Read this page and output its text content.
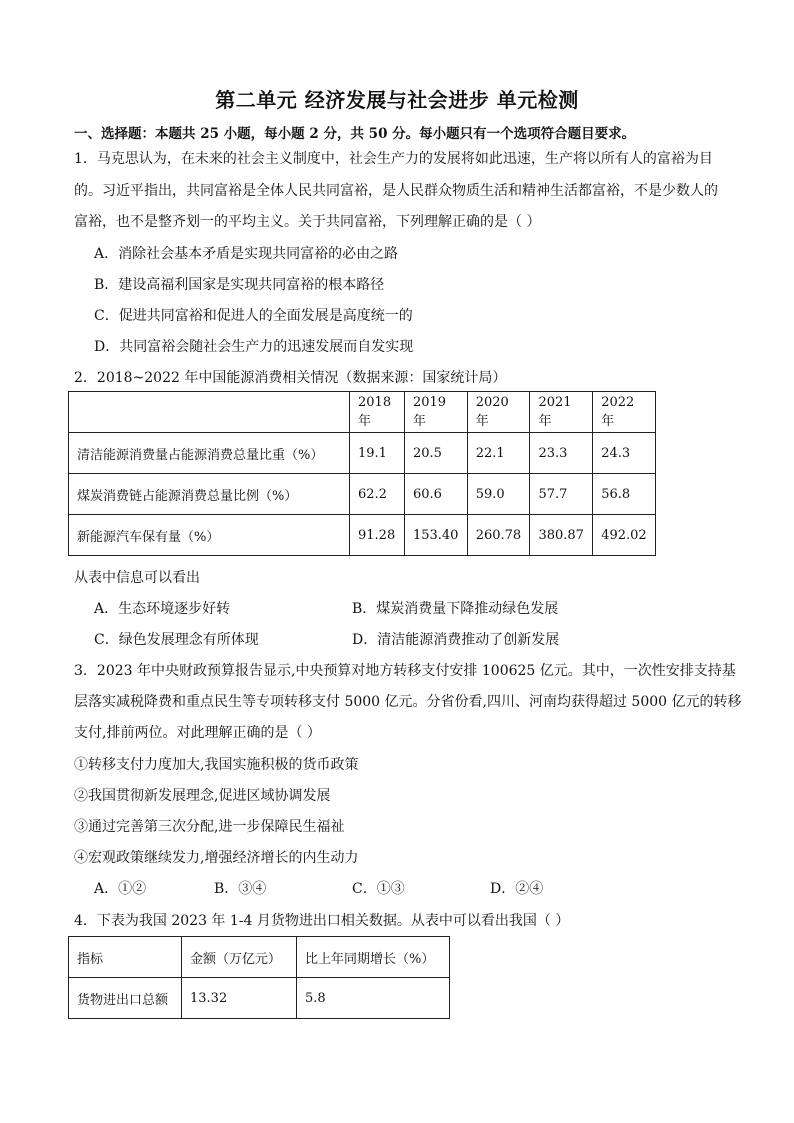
第二单元 经济发展与社会进步 单元检测
一、选择题：本题共 25 小题，每小题 2 分，共 50 分。每小题只有一个选项符合题目要求。
1．马克思认为，在未来的社会主义制度中，社会生产力的发展将如此迅速，生产将以所有人的富裕为目
的。习近平指出，共同富裕是全体人民共同富裕，是人民群众物质生活和精神生活都富裕，不是少数人的
富裕，也不是整齐划一的平均主义。关于共同富裕，下列理解正确的是（ ）
A．消除社会基本矛盾是实现共同富裕的必由之路
B．建设高福利国家是实现共同富裕的根本路径
C．促进共同富裕和促进人的全面发展是高度统一的
D．共同富裕会随社会生产力的迅速发展而自发实现
2．2018~2022 年中国能源消费相关情况（数据来源：国家统计局）
	2018 年	2019 年	2020 年	2021 年	2022 年
清洁能源消费量占能源消费总量比重（%）	19.1	20.5	22.1	23.3	24.3
煤炭消费链占能源消费总量比例（%）	62.2	60.6	59.0	57.7	56.8
新能源汽车保有量（%）	91.28	153.40	260.78	380.87	492.02
从表中信息可以看出
A．生态环境逐步好转	B．煤炭消费量下降推动绿色发展
C．绿色发展理念有所体现	D．清洁能源消费推动了创新发展
3．2023 年中央财政预算报告显示,中央预算对地方转移支付安排 100625 亿元。其中，一次性安排支持基
层落实减税降费和重点民生等专项转移支付 5000 亿元。分省份看,四川、河南均获得超过 5000 亿元的转移
支付,排前两位。对此理解正确的是（ ）
①转移支付力度加大,我国实施积极的货币政策
②我国贯彻新发展理念,促进区域协调发展
③通过完善第三次分配,进一步保障民生福祉
④宏观政策继续发力,增强经济增长的内生动力
A．①②	B．③④	C．①③	D．②④
4．下表为我国 2023 年 1-4 月货物进出口相关数据。从表中可以看出我国（ ）
指标	金额（万亿元）	比上年同期增长（%）
货物进出口总额	13.32	5.8
